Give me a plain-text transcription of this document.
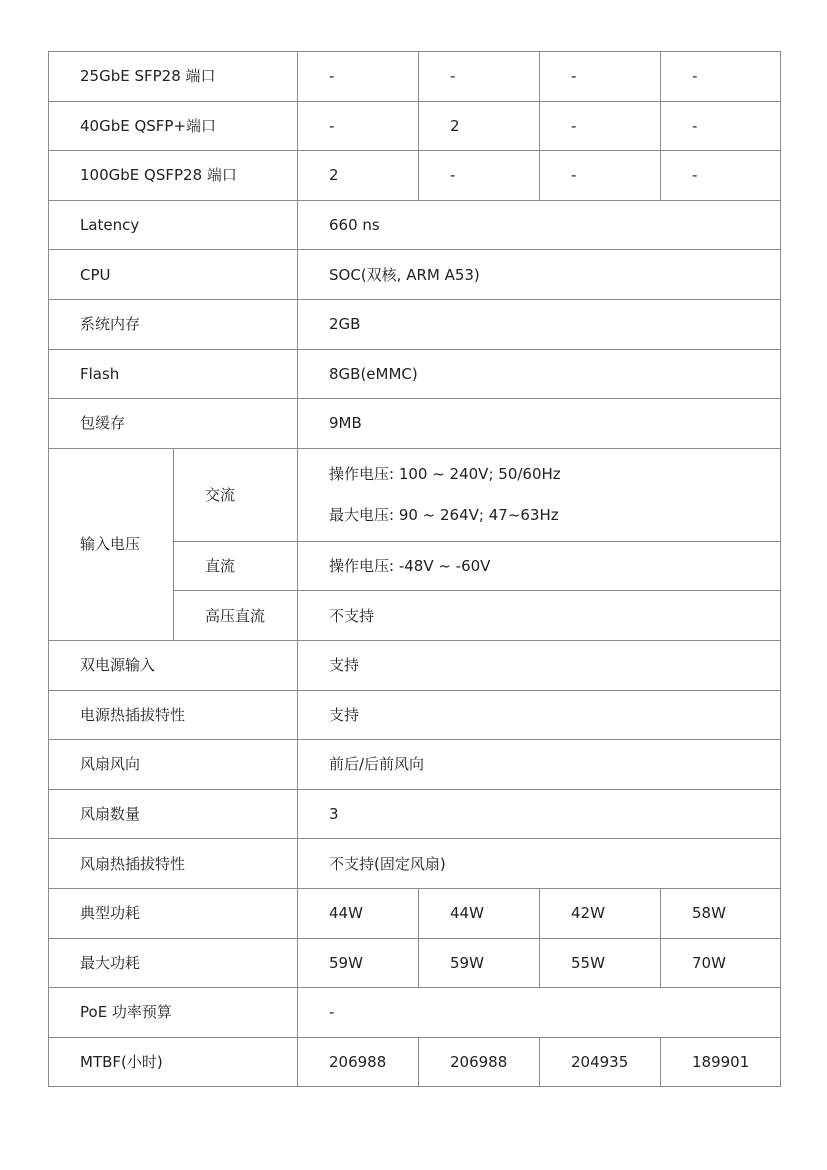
25GbE SFP28 端口		-	-	-	-
40GbE QSFP+端口		-	2	-	-
100GbE QSFP28 端口		2	-	-	-
Latency		660 ns			
CPU		SOC(双核, ARM A53)			
系统内存		2GB			
Flash		8GB(eMMC)			
包缓存		9MB			
输入电压	交流	操作电压: 100 ~ 240V; 50/60Hz
最大电压: 90 ~ 264V; 47~63Hz			

	直流	操作电压: -48V ~ -60V			
	高压直流	不支持			
双电源输入		支持			
电源热插拔特性		支持			
风扇风向		前后/后前风向			
风扇数量		3			
风扇热插拔特性		不支持(固定风扇)			
典型功耗		44W	44W	42W	58W
最大功耗		59W	59W	55W	70W
PoE 功率预算		-			
MTBF(小时)		206988	206988	204935	189901
